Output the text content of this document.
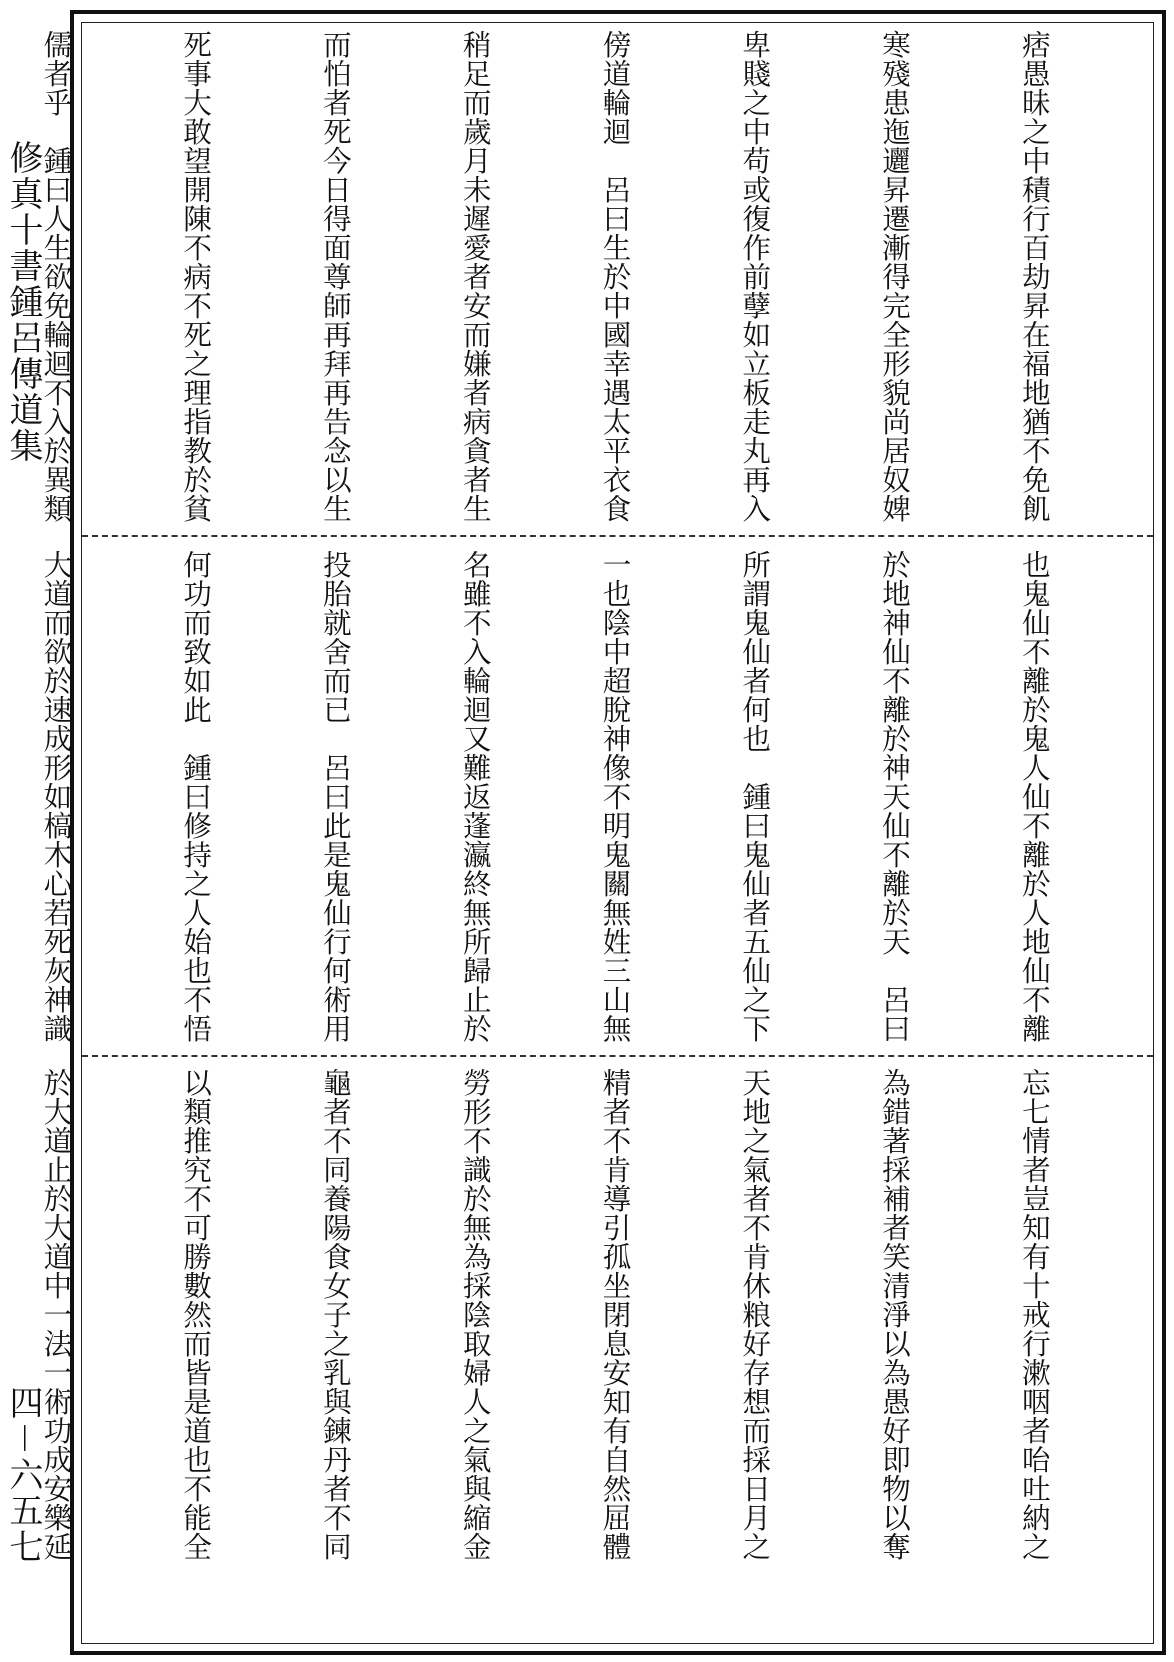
修真十書鍾呂傳道集
四－六五七

痞愚昧之中積行百劫昇在福地猶不免飢

寒殘患迤邐昇遷漸得完全形貌尚居奴婢

卑賤之中苟或復作前孽如立板走丸再入

傍道輪迴　呂曰生於中國幸遇太平衣食

稍足而歲月未遲愛者安而嫌者病貪者生

而怕者死今日得面尊師再拜再告念以生

死事大敢望開陳不病不死之理指教於貧

儒者乎　鍾曰人生欲免輪迴不入於異類

也鬼仙不離於鬼人仙不離於人地仙不離

於地神仙不離於神天仙不離於天　呂曰

所謂鬼仙者何也　鍾曰鬼仙者五仙之下

一也陰中超脫神像不明鬼關無姓三山無

名雖不入輪迴又難返蓬瀛終無所歸止於

投胎就舍而已　呂曰此是鬼仙行何術用

何功而致如此　鍾曰修持之人始也不悟

大道而欲於速成形如槁木心若死灰神識

忘七情者豈知有十戒行漱咽者咍吐納之

為錯著採補者笑清淨以為愚好即物以奪

天地之氣者不肯休粮好存想而採日月之

精者不肯導引孤坐閉息安知有自然屈體

勞形不識於無為採陰取婦人之氣與縮金

龜者不同養陽食女子之乳與鍊丹者不同

以類推究不可勝數然而皆是道也不能全

於大道止於大道中一法一術功成安樂延
